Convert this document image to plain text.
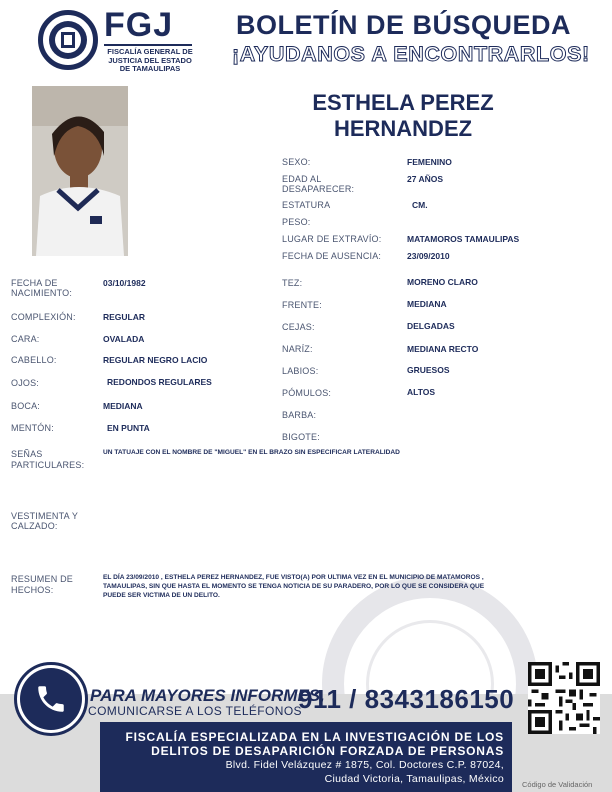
FGJ
FISCALÍA GENERAL DE JUSTICIA DEL ESTADO DE TAMAULIPAS
BOLETÍN DE BÚSQUEDA
¡AYUDANOS A ENCONTRARLOS!
ESTHELA PEREZ
HERNANDEZ
SEXO:	FEMENINO
EDAD AL
DESAPARECER:
27 AÑOS
ESTATURA	CM.
PESO:
LUGAR DE EXTRAVÍO:	MATAMOROS TAMAULIPAS
FECHA DE AUSENCIA:	23/09/2010
TEZ:	MORENO CLARO
FRENTE:	MEDIANA
CEJAS:	DELGADAS
NARÍZ:	MEDIANA RECTO
LABIOS:	GRUESOS
PÓMULOS:	ALTOS
BARBA:
BIGOTE:
FECHA DE
NACIMIENTO:
03/10/1982
COMPLEXIÓN:	REGULAR
CARA:	OVALADA
CABELLO:	REGULAR NEGRO LACIO
OJOS:	REDONDOS REGULARES
BOCA:	MEDIANA
MENTÓN:	EN PUNTA
SEÑAS
PARTICULARES:
UN TATUAJE CON EL NOMBRE DE "MIGUEL" EN EL BRAZO SIN ESPECIFICAR LATERALIDAD
VESTIMENTA Y
CALZADO:
RESUMEN DE
HECHOS:
EL DÍA 23/09/2010 , ESTHELA PEREZ HERNANDEZ, FUE VISTO(A) POR ULTIMA VEZ EN EL MUNICIPIO DE MATAMOROS ,
TAMAULIPAS, SIN QUE HASTA EL MOMENTO SE TENGA NOTICIA DE SU PARADERO, POR LO QUE SE CONSIDERA QUE
PUEDE SER VICTIMA DE UN DELITO.
PARA MAYORES INFORMES,
COMUNICARSE A LOS TELÉFONOS
911 / 8343186150
FISCALÍA ESPECIALIZADA EN LA INVESTIGACIÓN DE LOS
DELITOS DE DESAPARICIÓN FORZADA DE PERSONAS
Blvd. Fidel Velázquez # 1875, Col. Doctores C.P. 87024,
Ciudad Victoria, Tamaulipas, México Código de Validación
